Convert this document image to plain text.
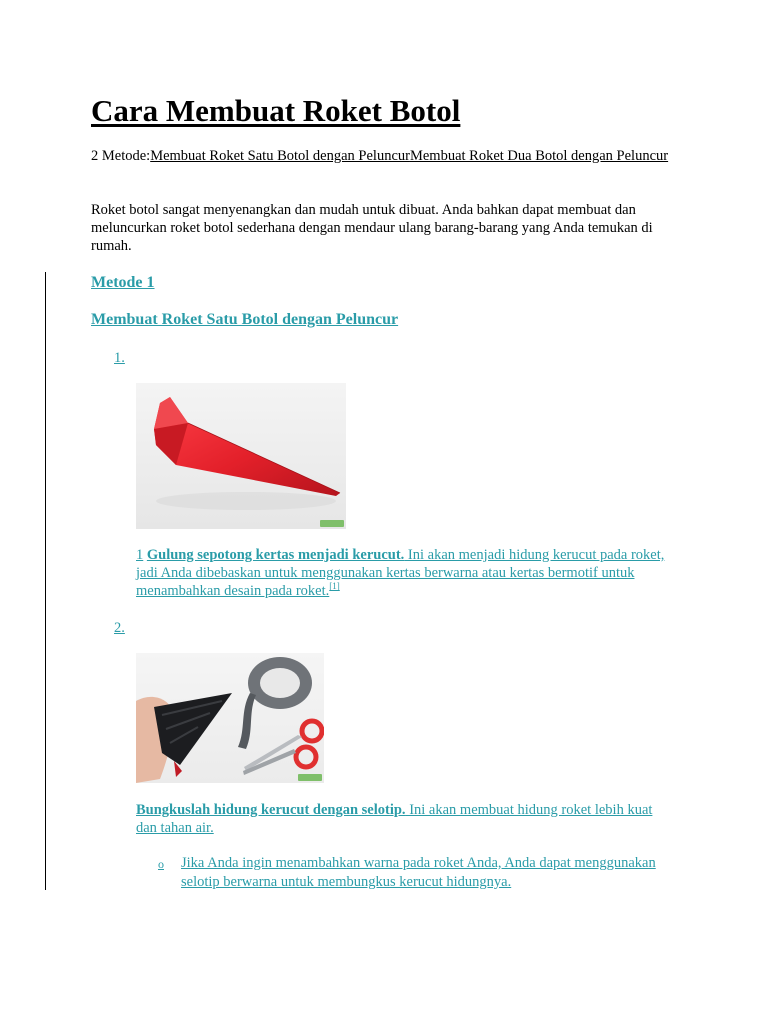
Cara Membuat Roket Botol
2 Metode:Membuat Roket Satu Botol dengan PeluncurMembuat Roket Dua Botol dengan Peluncur

Roket botol sangat menyenangkan dan mudah untuk dibuat. Anda bahkan dapat membuat dan meluncurkan roket botol sederhana dengan mendaur ulang barang-barang yang Anda temukan di rumah.

Metode 1
Membuat Roket Satu Botol dengan Peluncur
1.
1 Gulung sepotong kertas menjadi kerucut. Ini akan menjadi hidung kerucut pada roket, jadi Anda dibebaskan untuk menggunakan kertas berwarna atau kertas bermotif untuk menambahkan desain pada roket.[1]
2.
Bungkuslah hidung kerucut dengan selotip. Ini akan membuat hidung roket lebih kuat dan tahan air.
o Jika Anda ingin menambahkan warna pada roket Anda, Anda dapat menggunakan selotip berwarna untuk membungkus kerucut hidungnya.
